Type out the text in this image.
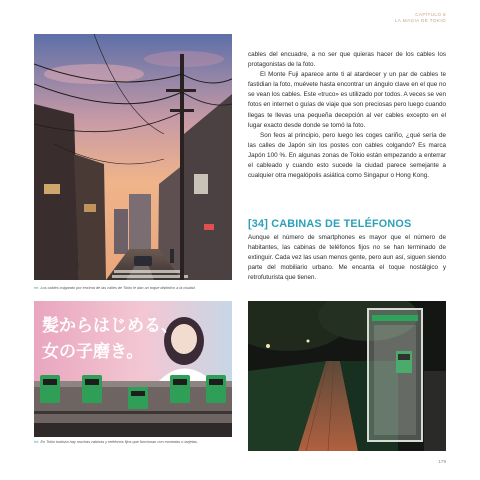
CAPÍTULO 8
LA MAGIA DE TOKIO
<< Los cables colgando por encima de las calles de Tokio le dan un toque distintivo a la ciudad.
髪からはじめる、
女の子磨き。
<< En Tokio todavía hay muchas cabinas y teléfonos fijos que funcionan con monedas o tarjetas.

cables del encuadre, a no ser que quieras hacer de los cables los protagonistas de la foto.

El Monte Fuji aparece ante ti al atardecer y un par de cables te fastidian la foto, muévete hasta encontrar un ángulo clave en el que no se vean los cables. Este «truco» es utilizado por todos. A veces se ven fotos en internet o guías de viaje que son preciosas pero luego cuando llegas te llevas una pequeña decepción al ver cables excepto en el lugar exacto desde donde se tomó la foto.

Son feos al principio, pero luego les coges cariño, ¿qué sería de las calles de Japón sin los postes con cables colgando? Es marca Japón 100 %. En algunas zonas de Tokio están empezando a enterrar el cableado y cuando esto sucede la ciudad parece semejante a cualquier otra megalópolis asiática como Singapur o Hong Kong.

[34] CABINAS DE TELÉFONOS

Aunque el número de smartphones es mayor que el número de habitantes, las cabinas de teléfonos fijos no se han terminado de extinguir. Cada vez las usan menos gente, pero aun así, siguen siendo parte del mobiliario urbano. Me encanta el toque nostálgico y retrofuturista que tienen.

179
